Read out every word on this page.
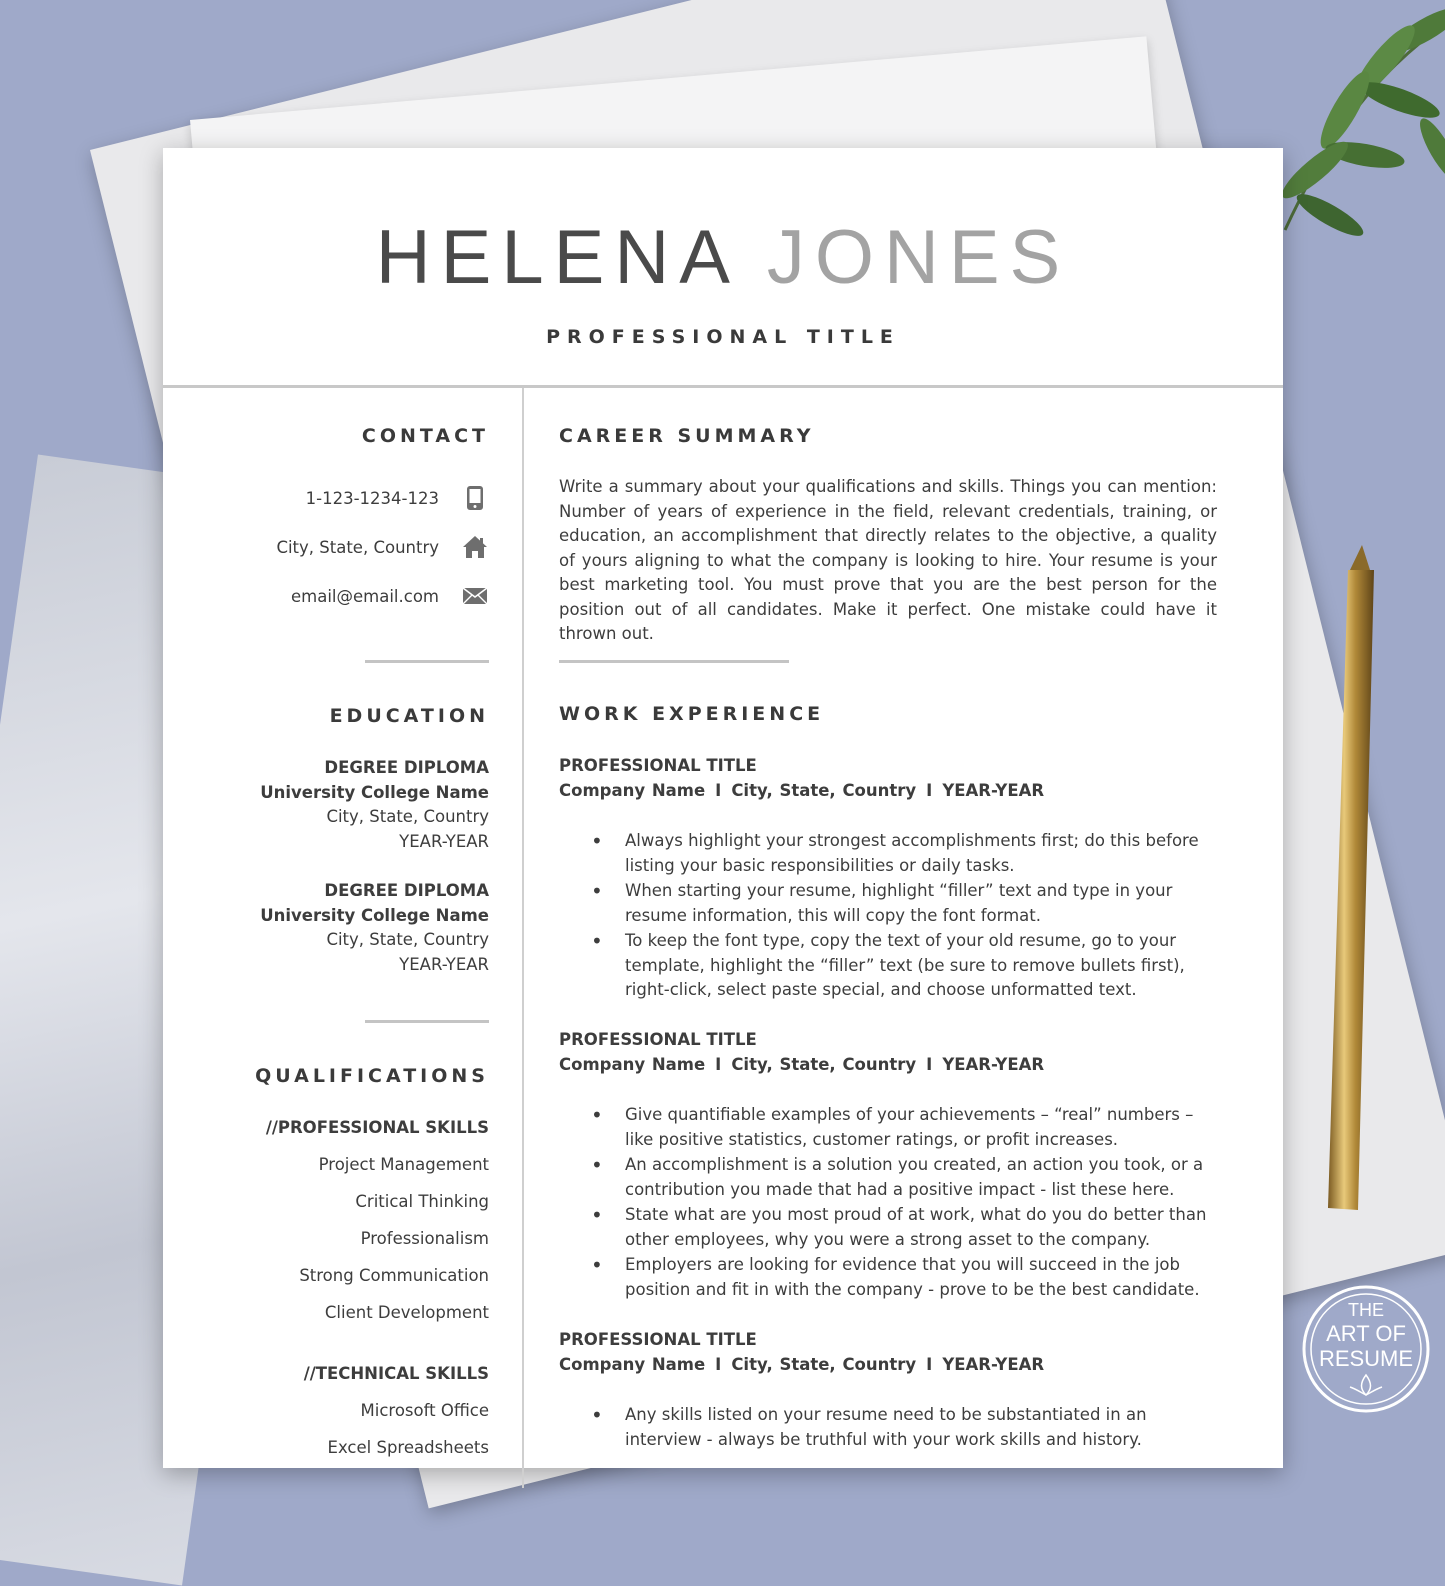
THE
ART OF
RESUME
HELENA JONES
PROFESSIONAL TITLE
CONTACT
1-123-1234-123
City, State, Country
email@email.com
EDUCATION
DEGREE DIPLOMA
University College Name
City, State, Country
YEAR-YEAR
DEGREE DIPLOMA
University College Name
City, State, Country
YEAR-YEAR
QUALIFICATIONS
//PROFESSIONAL SKILLS
Project Management
Critical Thinking
Professionalism
Strong Communication
Client Development
//TECHNICAL SKILLS
Microsoft Office
Excel Spreadsheets
CAREER SUMMARY
Write a summary about your qualifications and skills. Things you can mention: Number of years of experience in the field, relevant credentials, training, or education, an accomplishment that directly relates to the objective, a quality of yours aligning to what the company is looking to hire. Your resume is your best marketing tool. You must prove that you are the best person for the position out of all candidates. Make it perfect. One mistake could have it thrown out.
WORK EXPERIENCE
PROFESSIONAL TITLE
Company Name I City, State, Country I YEAR-YEAR
• Always highlight your strongest accomplishments first; do this before listing your basic responsibilities or daily tasks.
• When starting your resume, highlight “filler” text and type in your resume information, this will copy the font format.
• To keep the font type, copy the text of your old resume, go to your template, highlight the “filler” text (be sure to remove bullets first), right-click, select paste special, and choose unformatted text.
PROFESSIONAL TITLE
Company Name I City, State, Country I YEAR-YEAR
• Give quantifiable examples of your achievements – “real” numbers – like positive statistics, customer ratings, or profit increases.
• An accomplishment is a solution you created, an action you took, or a contribution you made that had a positive impact - list these here.
• State what are you most proud of at work, what do you do better than other employees, why you were a strong asset to the company.
• Employers are looking for evidence that you will succeed in the job position and fit in with the company - prove to be the best candidate.
PROFESSIONAL TITLE
Company Name I City, State, Country I YEAR-YEAR
• Any skills listed on your resume need to be substantiated in an interview - always be truthful with your work skills and history.
